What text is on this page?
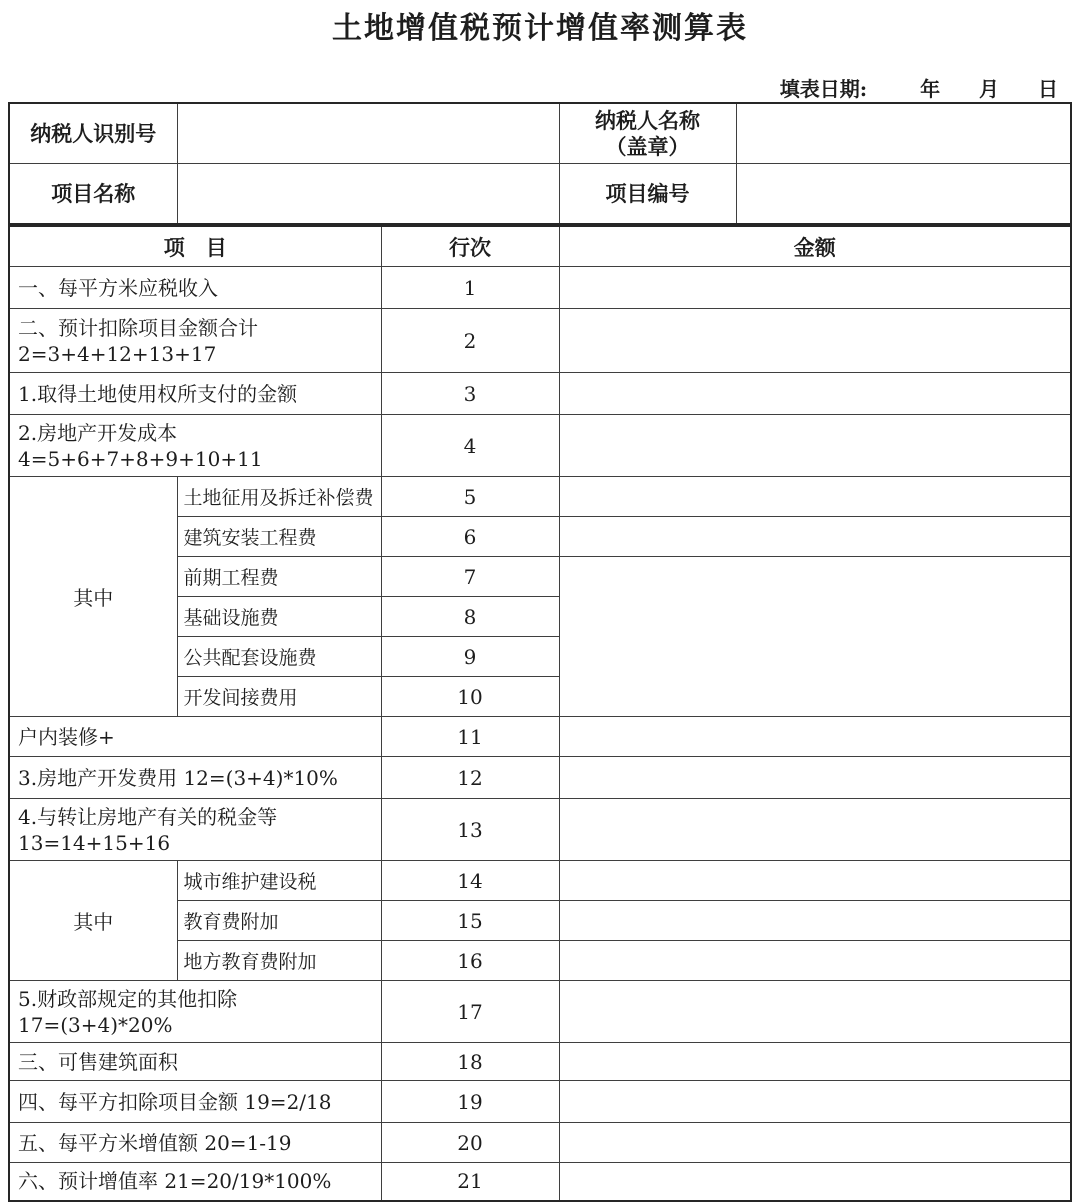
土地增值税预计增值率测算表
填表日期:	年 月 日
纳税人识别号		纳税人名称
（盖章）	

项目名称		项目编号	
项　目		行次	金额
一、每平方米应税收入		1	

二、预计扣除项目金额合计
2=3+4+12+13+17		2	
1.取得土地使用权所支付的金额		3	

2.房地产开发成本
4=5+6+7+8+9+10+11		4	
其中	土地征用及拆迁补偿费	5	
	建筑安装工程费	6	
	前期工程费	7	
	基础设施费	8	
	公共配套设施费	9	
	开发间接费用	10	
户内装修+		11	
3.房地产开发费用 12=(3+4)*10%		12	

4.与转让房地产有关的税金等
13=14+15+16		13	
其中	城市维护建设税	14	
	教育费附加	15	
	地方教育费附加	16	

5.财政部规定的其他扣除
17=(3+4)*20%		17	
三、可售建筑面积		18	
四、每平方扣除项目金额 19=2/18		19	
五、每平方米增值额 20=1-19		20	
六、预计增值率 21=20/19*100%		21	
